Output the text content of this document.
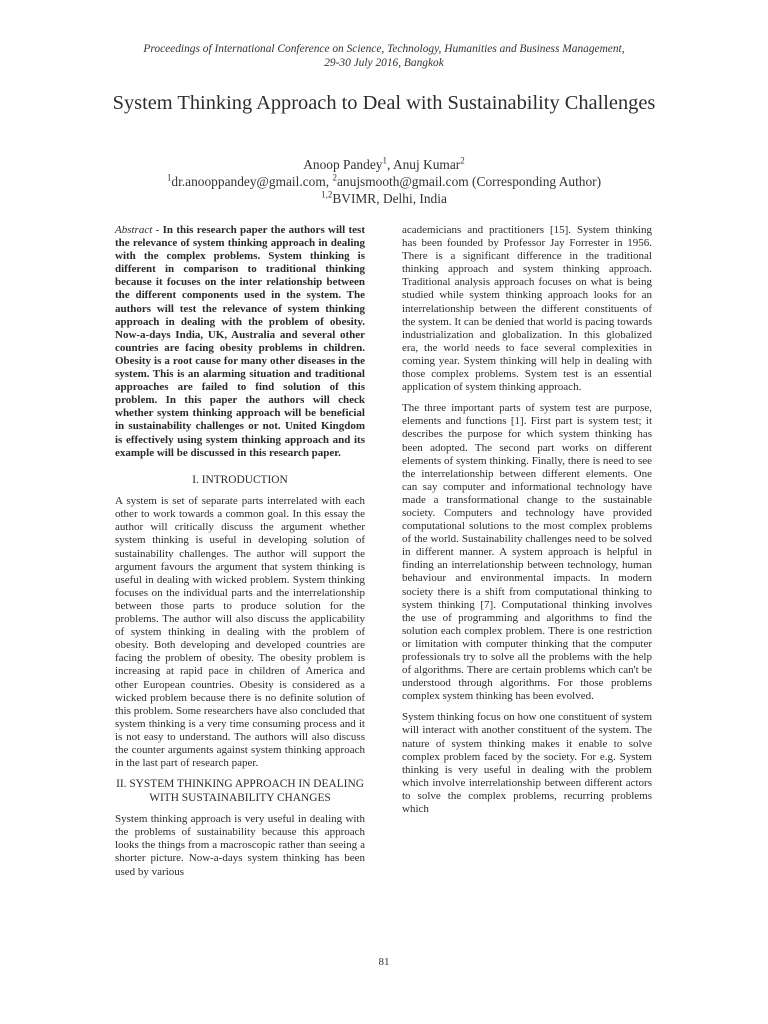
Proceedings of International Conference on Science, Technology, Humanities and Business Management,
29-30 July 2016, Bangkok
System Thinking Approach to Deal with Sustainability Challenges
Anoop Pandey$^1$, Anuj Kumar$^2$
$^1$dr.anooppandey@gmail.com, $^2$anujsmooth@gmail.com (Corresponding Author)
$^{1,2}$BVIMR, Delhi, India

Abstract - In this research paper the authors will test the relevance of system thinking approach in dealing with the complex problems. System thinking is different in comparison to traditional thinking because it focuses on the inter relationship between the different components used in the system. The authors will test the relevance of system thinking approach in dealing with the problem of obesity. Now-a-days India, UK, Australia and several other countries are facing obesity problems in children. Obesity is a root cause for many other diseases in the system. This is an alarming situation and traditional approaches are failed to find solution of this problem. In this paper the authors will check whether system thinking approach will be beneficial in sustainability challenges or not. United Kingdom is effectively using system thinking approach and its example will be discussed in this research paper.

I. INTRODUCTION

A system is set of separate parts interrelated with each other to work towards a common goal. In this essay the author will critically discuss the argument whether system thinking is useful in developing solution of sustainability challenges. The author will support the argument favours the argument that system thinking is useful in dealing with wicked problem. System thinking focuses on the individual parts and the interrelationship between those parts to produce solution for the problems. The author will also discuss the applicability of system thinking in dealing with the problem of obesity. Both developing and developed countries are facing the problem of obesity. The obesity problem is increasing at rapid pace in children of America and other European countries. Obesity is considered as a wicked problem because there is no definite solution of this problem. Some researchers have also concluded that system thinking is a very time consuming process and it is not easy to understand. The authors will also discuss the counter arguments against system thinking approach in the last part of research paper.

II. SYSTEM THINKING APPROACH IN DEALING WITH SUSTAINABILITY CHANGES

System thinking approach is very useful in dealing with the problems of sustainability because this approach looks the things from a macroscopic rather than seeing a shorter picture. Now-a-days system thinking has been used by various

academicians and practitioners [15]. System thinking has been founded by Professor Jay Forrester in 1956. There is a significant difference in the traditional thinking approach and system thinking approach. Traditional analysis approach focuses on what is being studied while system thinking approach looks for an interrelationship between the different constituents of the system. It can be denied that world is pacing towards industrialization and globalization. In this globalized era, the world needs to face several complexities in coming year. System thinking will help in dealing with those complex problems. System test is an essential application of system thinking approach.

The three important parts of system test are purpose, elements and functions [1]. First part is system test; it describes the purpose for which system thinking has been adopted. The second part works on different elements of system thinking. Finally, there is need to see the interrelationship between different elements. One can say computer and informational technology have made a transformational change to the sustainable society. Computers and technology have provided computational solutions to the most complex problems of the world. Sustainability challenges need to be solved in different manner. A system approach is helpful in finding an interrelationship between technology, human behaviour and environmental impacts. In modern society there is a shift from computational thinking to system thinking [7]. Computational thinking involves the use of programming and algorithms to find the solution each complex problem. There is one restriction or limitation with computer thinking that the computer professionals try to solve all the problems with the help of algorithms. There are certain problems which can't be understood through algorithms. For those problems complex system thinking has been evolved.

System thinking focus on how one constituent of system will interact with another constituent of the system. The nature of system thinking makes it enable to solve complex problem faced by the society. For e.g. System thinking is very useful in dealing with the problem which involve interrelationship between different actors to solve the complex problems, recurring problems which

81
